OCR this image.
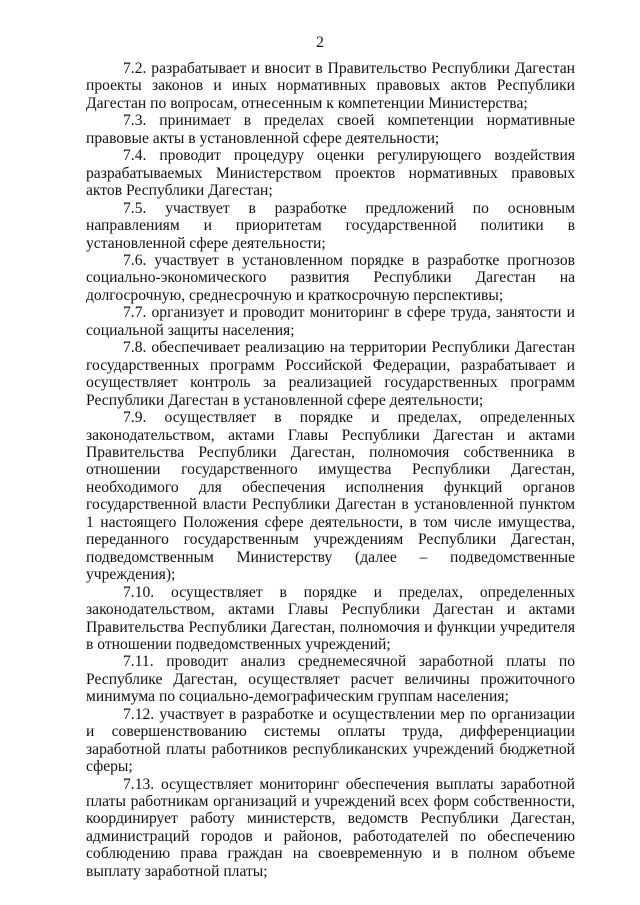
2

7.2. разрабатывает и вносит в Правительство Республики Дагестан проекты законов и иных нормативных правовых актов Республики Дагестан по вопросам, отнесенным к компетенции Министерства;

7.3. принимает в пределах своей компетенции нормативные правовые акты в установленной сфере деятельности;

7.4. проводит процедуру оценки регулирующего воздействия разрабатываемых Министерством проектов нормативных правовых актов Республики Дагестан;

7.5. участвует в разработке предложений по основным направлениям и приоритетам государственной политики в установленной сфере деятельности;

7.6. участвует в установленном порядке в разработке прогнозов социально-экономического развития Республики Дагестан на долгосрочную, среднесрочную и краткосрочную перспективы;

7.7. организует и проводит мониторинг в сфере труда, занятости и социальной защиты населения;

7.8. обеспечивает реализацию на территории Республики Дагестан государственных программ Российской Федерации, разрабатывает и осуществляет контроль за реализацией государственных программ Республики Дагестан в установленной сфере деятельности;

7.9. осуществляет в порядке и пределах, определенных законодательством, актами Главы Республики Дагестан и актами Правительства Республики Дагестан, полномочия собственника в отношении государственного имущества Республики Дагестан, необходимого для обеспечения исполнения функций органов государственной власти Республики Дагестан в установленной пунктом 1 настоящего Положения сфере деятельности, в том числе имущества, переданного государственным учреждениям Республики Дагестан, подведомственным Министерству (далее – подведомственные учреждения);

7.10. осуществляет в порядке и пределах, определенных законодательством, актами Главы Республики Дагестан и актами Правительства Республики Дагестан, полномочия и функции учредителя в отношении подведомственных учреждений;

7.11. проводит анализ среднемесячной заработной платы по Республике Дагестан, осуществляет расчет величины прожиточного минимума по социально-демографическим группам населения;

7.12. участвует в разработке и осуществлении мер по организации и совершенствованию системы оплаты труда, дифференциации заработной платы работников республиканских учреждений бюджетной сферы;

7.13. осуществляет мониторинг обеспечения выплаты заработной платы работникам организаций и учреждений всех форм собственности, координирует работу министерств, ведомств Республики Дагестан, администраций городов и районов, работодателей по обеспечению соблюдению права граждан на своевременную и в полном объеме выплату заработной платы;
